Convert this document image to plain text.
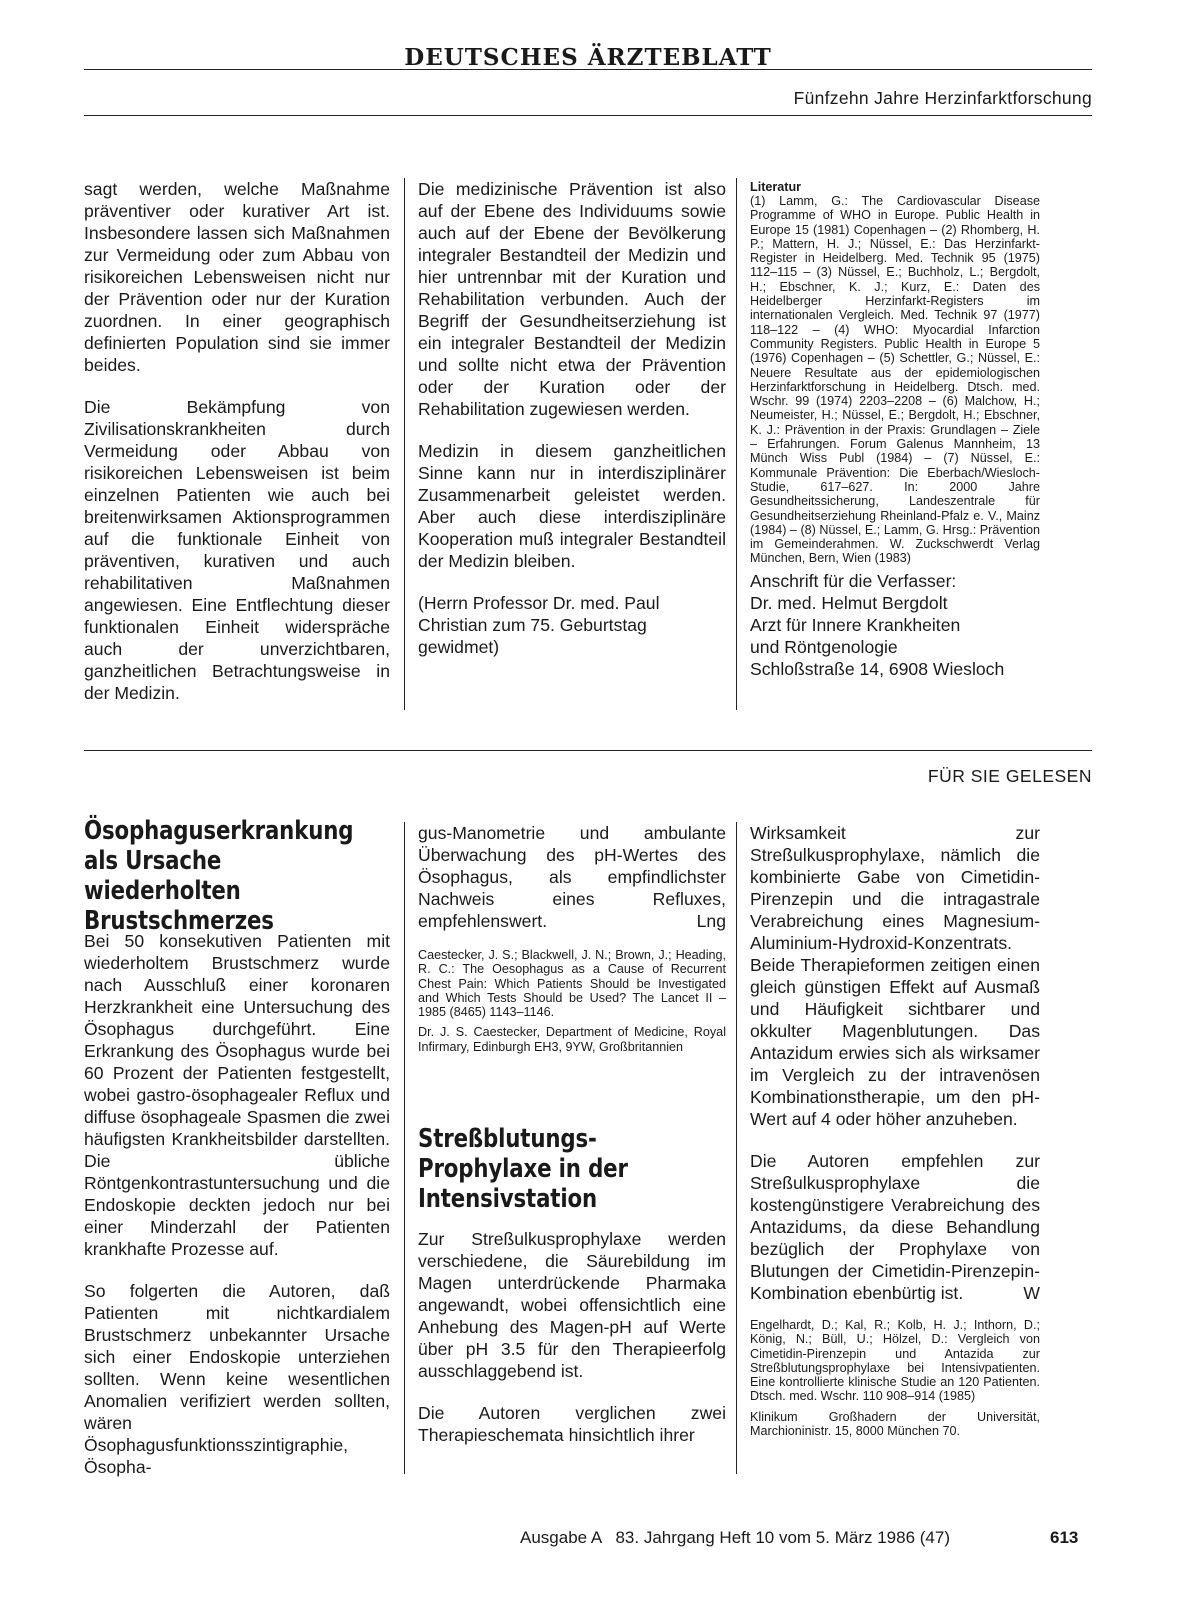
DEUTSCHES ÄRZTEBLATT
Fünfzehn Jahre Herzinfarktforschung

sagt werden, welche Maßnahme präventiver oder kurativer Art ist. Insbesondere lassen sich Maßnahmen zur Vermeidung oder zum Abbau von risikoreichen Lebensweisen nicht nur der Prävention oder nur der Kuration zuordnen. In einer geographisch definierten Population sind sie immer beides.

Die Bekämpfung von Zivilisationskrankheiten durch Vermeidung oder Abbau von risikoreichen Lebensweisen ist beim einzelnen Patienten wie auch bei breitenwirksamen Aktionsprogrammen auf die funktionale Einheit von präventiven, kurativen und auch rehabilitativen Maßnahmen angewiesen. Eine Entflechtung dieser funktionalen Einheit widerspräche auch der unverzichtbaren, ganzheitlichen Betrachtungsweise in der Medizin.

Die medizinische Prävention ist also auf der Ebene des Individuums sowie auch auf der Ebene der Bevölkerung integraler Bestandteil der Medizin und hier untrennbar mit der Kuration und Rehabilitation verbunden. Auch der Begriff der Gesundheitserziehung ist ein integraler Bestandteil der Medizin und sollte nicht etwa der Prävention oder der Kuration oder der Rehabilitation zugewiesen werden.

Medizin in diesem ganzheitlichen Sinne kann nur in interdisziplinärer Zusammenarbeit geleistet werden. Aber auch diese interdisziplinäre Kooperation muß integraler Bestandteil der Medizin bleiben.

(Herrn Professor Dr. med. Paul Christian zum 75. Geburtstag gewidmet)

Literatur
(1) Lamm, G.: The Cardiovascular Disease Programme of WHO in Europe. Public Health in Europe 15 (1981) Copenhagen – (2) Rhomberg, H. P.; Mattern, H. J.; Nüssel, E.: Das Herzinfarkt-Register in Heidelberg. Med. Technik 95 (1975) 112–115 – (3) Nüssel, E.; Buchholz, L.; Bergdolt, H.; Ebschner, K. J.; Kurz, E.: Daten des Heidelberger Herzinfarkt-Registers im internationalen Vergleich. Med. Technik 97 (1977) 118–122 – (4) WHO: Myocardial Infarction Community Registers. Public Health in Europe 5 (1976) Copenhagen – (5) Schettler, G.; Nüssel, E.: Neuere Resultate aus der epidemiologischen Herzinfarktforschung in Heidelberg. Dtsch. med. Wschr. 99 (1974) 2203–2208 – (6) Malchow, H.; Neumeister, H.; Nüssel, E.; Bergdolt, H.; Ebschner, K. J.: Prävention in der Praxis: Grundlagen – Ziele – Erfahrungen. Forum Galenus Mannheim, 13 Münch Wiss Publ (1984) – (7) Nüssel, E.: Kommunale Prävention: Die Eberbach/Wiesloch-Studie, 617–627. In: 2000 Jahre Gesundheitssicherung, Landeszentrale für Gesundheitserziehung Rheinland-Pfalz e. V., Mainz (1984) – (8) Nüssel, E.; Lamm, G. Hrsg.: Prävention im Gemeinderahmen. W. Zuckschwerdt Verlag München, Bern, Wien (1983)
Anschrift für die Verfasser:
Dr. med. Helmut Bergdolt
Arzt für Innere Krankheiten
und Röntgenologie
Schloßstraße 14, 6908 Wiesloch
FÜR SIE GELESEN
Ösophaguserkrankung als Ursache wiederholten Brustschmerzes

Bei 50 konsekutiven Patienten mit wiederholtem Brustschmerz wurde nach Ausschluß einer koronaren Herzkrankheit eine Untersuchung des Ösophagus durchgeführt. Eine Erkrankung des Ösophagus wurde bei 60 Prozent der Patienten festgestellt, wobei gastro-ösophagealer Reflux und diffuse ösophageale Spasmen die zwei häufigsten Krankheitsbilder darstellten. Die übliche Röntgenkontrastuntersuchung und die Endoskopie deckten jedoch nur bei einer Minderzahl der Patienten krankhafte Prozesse auf.

So folgerten die Autoren, daß Patienten mit nichtkardialem Brustschmerz unbekannter Ursache sich einer Endoskopie unterziehen sollten. Wenn keine wesentlichen Anomalien verifiziert werden sollten, wären Ösophagusfunktionsszintigraphie, Ösopha-

gus-Manometrie und ambulante Überwachung des pH-Wertes des Ösophagus, als empfindlichster Nachweis eines Refluxes, empfehlenswert.	Lng

Caestecker, J. S.; Blackwell, J. N.; Brown, J.; Heading, R. C.: The Oesophagus as a Cause of Recurrent Chest Pain: Which Patients Should be Investigated and Which Tests Should be Used? The Lancet II – 1985 (8465) 1143–1146.
Dr. J. S. Caestecker, Department of Medicine, Royal Infirmary, Edinburgh EH3, 9YW, Großbritannien
Streßblutungs-Prophylaxe in der Intensivstation

Zur Streßulkusprophylaxe werden verschiedene, die Säurebildung im Magen unterdrückende Pharmaka angewandt, wobei offensichtlich eine Anhebung des Magen-pH auf Werte über pH 3.5 für den Therapieerfolg ausschlaggebend ist.

Die Autoren verglichen zwei Therapieschemata hinsichtlich ihrer

Wirksamkeit zur Streßulkusprophylaxe, nämlich die kombinierte Gabe von Cimetidin-Pirenzepin und die intragastrale Verabreichung eines Magnesium-Aluminium-Hydroxid-Konzentrats. Beide Therapieformen zeitigen einen gleich günstigen Effekt auf Ausmaß und Häufigkeit sichtbarer und okkulter Magenblutungen. Das Antazidum erwies sich als wirksamer im Vergleich zu der intravenösen Kombinationstherapie, um den pH-Wert auf 4 oder höher anzuheben.

Die Autoren empfehlen zur Streßulkusprophylaxe die kostengünstigere Verabreichung des Antazidums, da diese Behandlung bezüglich der Prophylaxe von Blutungen der Cimetidin-Pirenzepin-Kombination ebenbürtig ist.	W

Engelhardt, D.; Kal, R.; Kolb, H. J.; Inthorn, D.; König, N.; Büll, U.; Hölzel, D.: Vergleich von Cimetidin-Pirenzepin und Antazida zur Streßblutungsprophylaxe bei Intensivpatienten. Eine kontrollierte klinische Studie an 120 Patienten. Dtsch. med. Wschr. 110 908–914 (1985)
Klinikum Großhadern der Universität, Marchioninistr. 15, 8000 München 70.
Ausgabe A   83. Jahrgang Heft 10 vom 5. März 1986 (47)	613
